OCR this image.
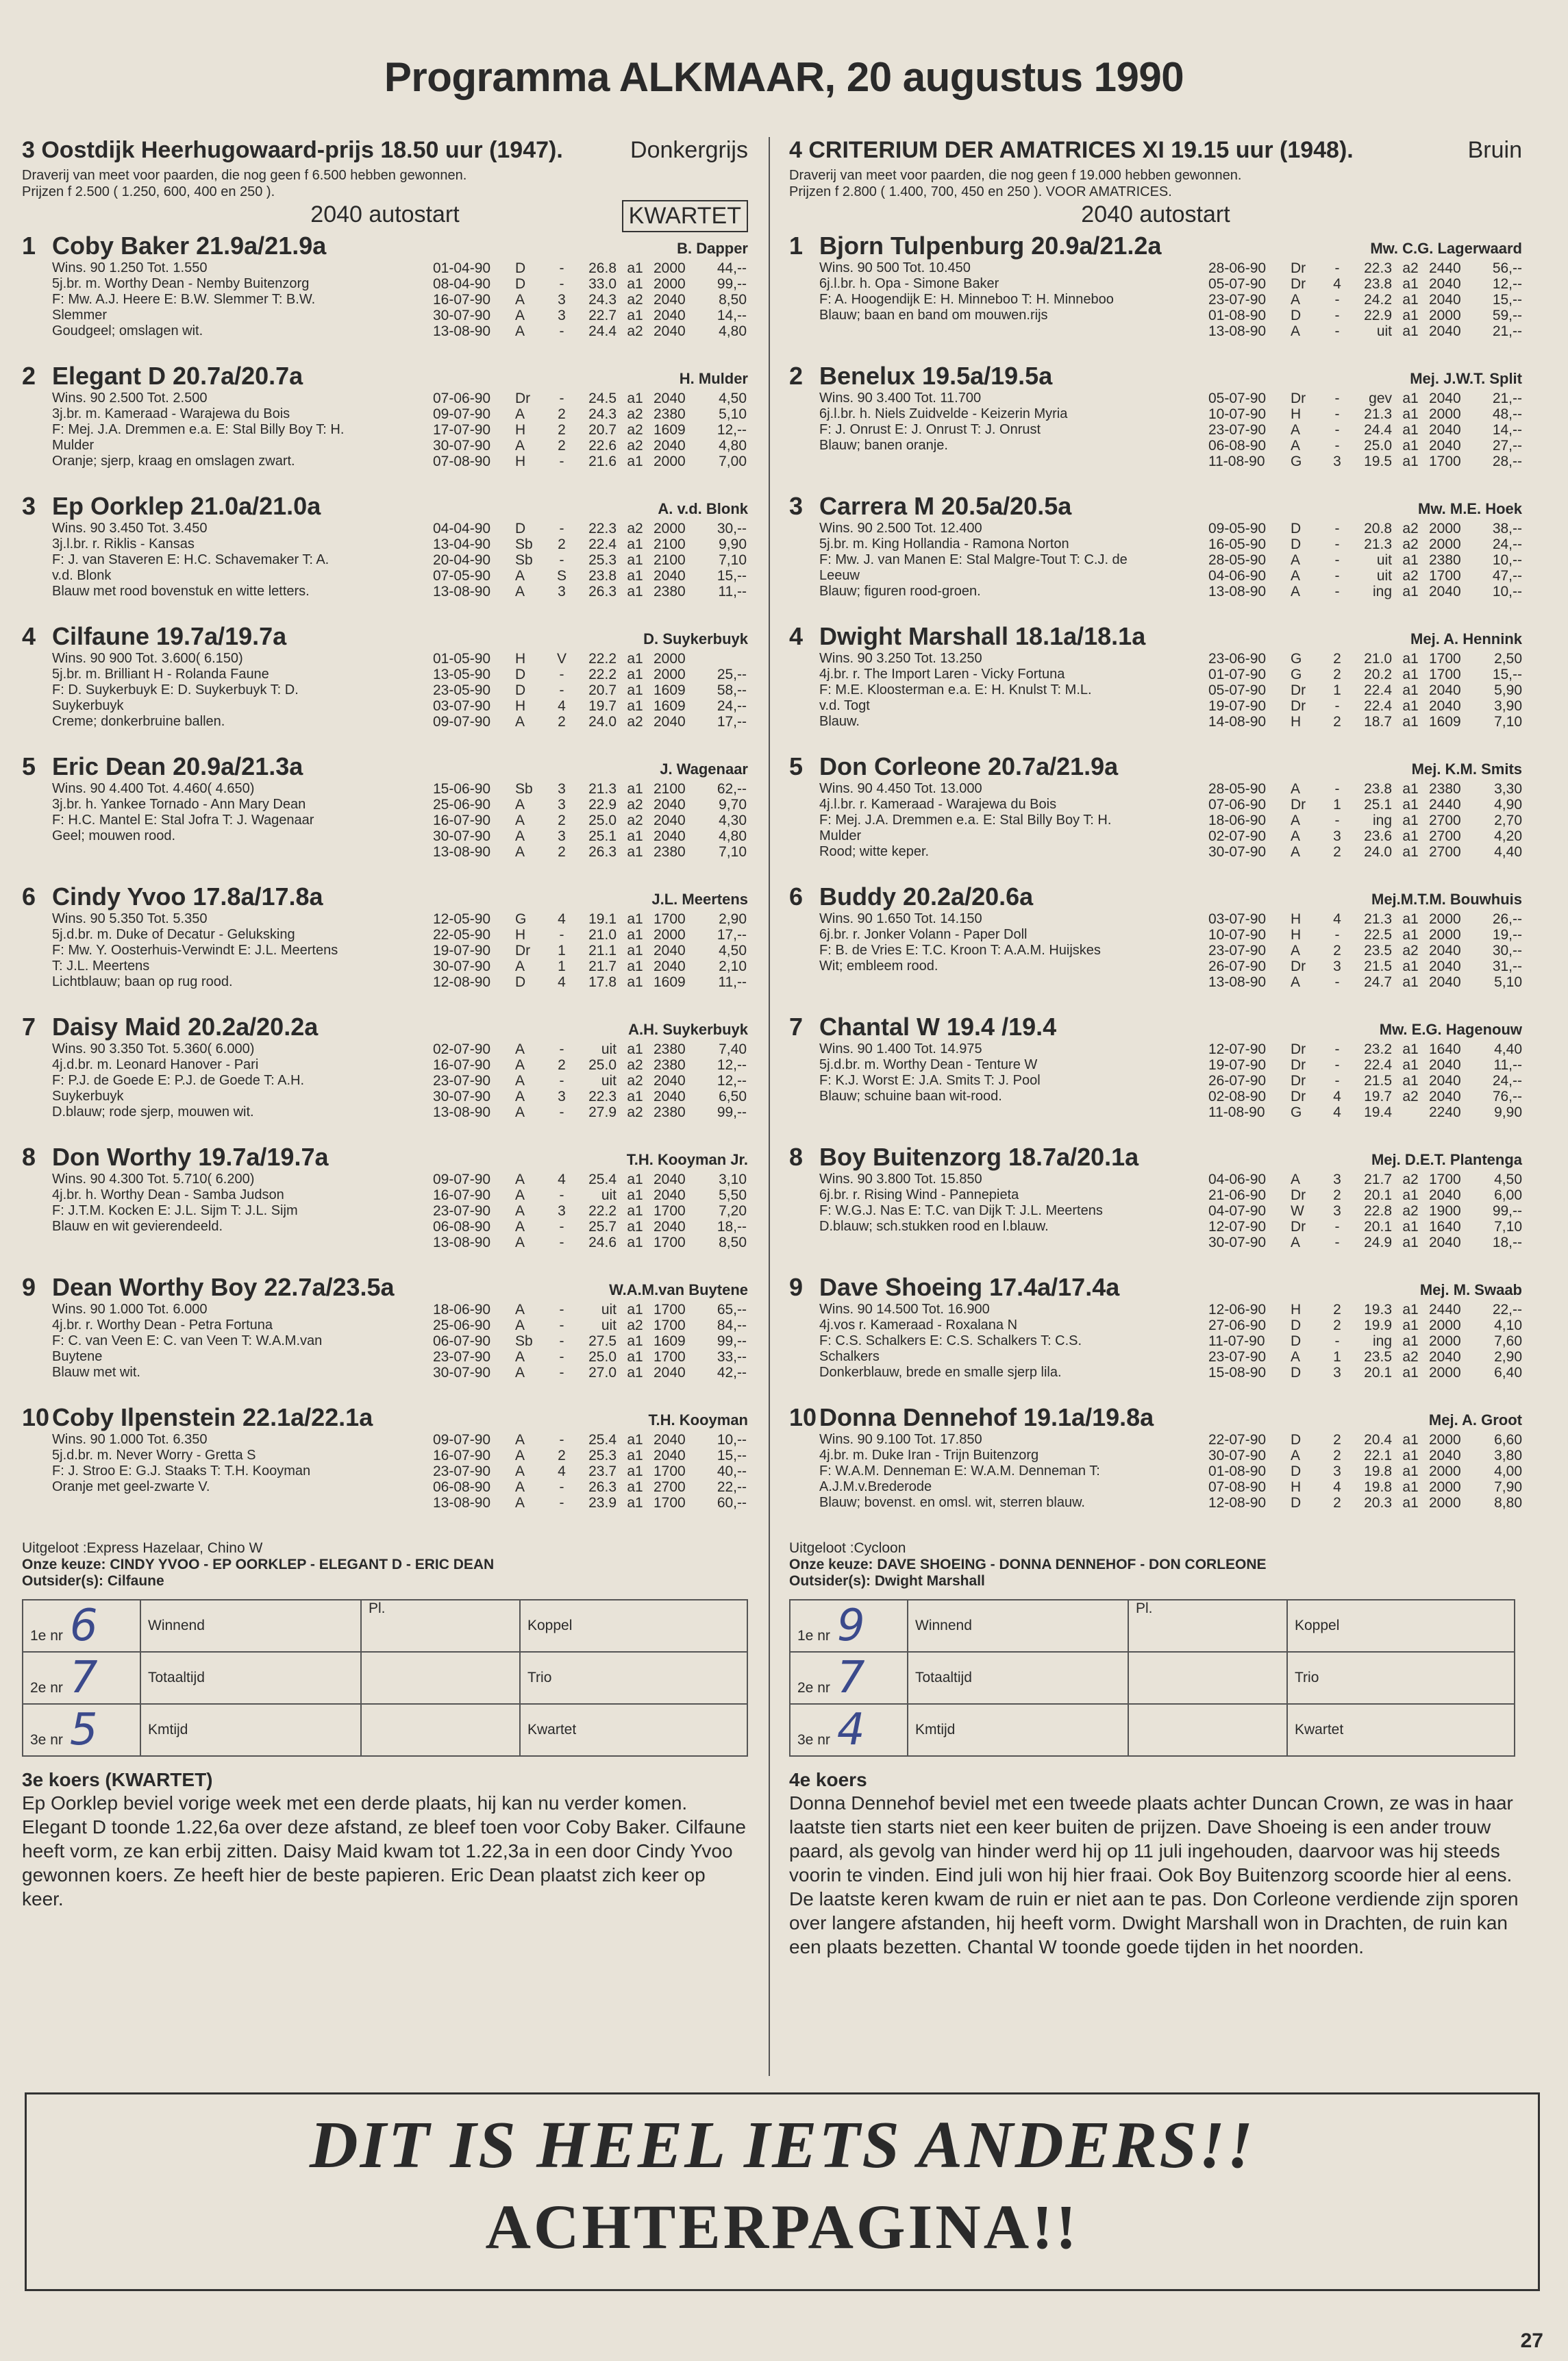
Programma ALKMAAR, 20 augustus 1990
3 Oostdijk Heerhugowaard-prijs 18.50 uur (1947).	Donkergrijs
Draverij van meet voor paarden, die nog geen f 6.500 hebben gewonnen.
Prijzen f 2.500 ( 1.250, 600, 400 en 250 ).
2040 autostart	KWARTET
1 Coby Baker 21.9a/21.9a	B. Dapper
Wins. 90 1.250 Tot. 1.550
5j.br. m. Worthy Dean - Nemby Buitenzorg
F: Mw. A.J. Heere E: B.W. Slemmer T: B.W.
Slemmer
Goudgeel; omslagen wit.
01-04-90	D	-	26.8 a1 2000	44,--
08-04-90	D	-	33.0 a1 2000	99,--
16-07-90	A	3	24.3 a2 2040	8,50
30-07-90	A	3	22.7 a1 2040	14,--
13-08-90	A	-	24.4 a2 2040	4,80
2 Elegant D 20.7a/20.7a	H. Mulder
Wins. 90 2.500 Tot. 2.500
3j.br. m. Kameraad - Warajewa du Bois
F: Mej. J.A. Dremmen e.a. E: Stal Billy Boy T: H.
Mulder
Oranje; sjerp, kraag en omslagen zwart.
07-06-90	Dr	-	24.5 a1 2040	4,50
09-07-90	A	2	24.3 a2 2380	5,10
17-07-90	H	2	20.7 a2 1609	12,--
30-07-90	A	2	22.6 a2 2040	4,80
07-08-90	H	-	21.6 a1 2000	7,00
3 Ep Oorklep 21.0a/21.0a	A. v.d. Blonk
Wins. 90 3.450 Tot. 3.450
3j.l.br. r. Riklis - Kansas
F: J. van Staveren E: H.C. Schavemaker T: A.
v.d. Blonk
Blauw met rood bovenstuk en witte letters.
04-04-90	D	-	22.3 a2 2000	30,--
13-04-90	Sb	2	22.4 a1 2100	9,90
20-04-90	Sb	-	25.3 a1 2100	7,10
07-05-90	A	S	23.8 a1 2040	15,--
13-08-90	A	3	26.3 a1 2380	11,--
4 Cilfaune 19.7a/19.7a	D. Suykerbuyk
Wins. 90 900 Tot. 3.600( 6.150)
5j.br. m. Brilliant H - Rolanda Faune
F: D. Suykerbuyk E: D. Suykerbuyk T: D.
Suykerbuyk
Creme; donkerbruine ballen.
01-05-90	H	V	22.2 a1 2000
13-05-90	D	-	22.2 a1 2000	25,--
23-05-90	D	-	20.7 a1 1609	58,--
03-07-90	H	4	19.7 a1 1609	24,--
09-07-90	A	2	24.0 a2 2040	17,--
5 Eric Dean 20.9a/21.3a	J. Wagenaar
Wins. 90 4.400 Tot. 4.460( 4.650)
3j.br. h. Yankee Tornado - Ann Mary Dean
F: H.C. Mantel E: Stal Jofra T: J. Wagenaar
Geel; mouwen rood.
15-06-90	Sb	3	21.3 a1 2100	62,--
25-06-90	A	3	22.9 a2 2040	9,70
16-07-90	A	2	25.0 a2 2040	4,30
30-07-90	A	3	25.1 a1 2040	4,80
13-08-90	A	2	26.3 a1 2380	7,10
6 Cindy Yvoo 17.8a/17.8a	J.L. Meertens
Wins. 90 5.350 Tot. 5.350
5j.d.br. m. Duke of Decatur - Geluksking
F: Mw. Y. Oosterhuis-Verwindt E: J.L. Meertens
T: J.L. Meertens
Lichtblauw; baan op rug rood.
12-05-90	G	4	19.1 a1 1700	2,90
22-05-90	H	-	21.0 a1 2000	17,--
19-07-90	Dr	1	21.1 a1 2040	4,50
30-07-90	A	1	21.7 a1 2040	2,10
12-08-90	D	4	17.8 a1 1609	11,--
7 Daisy Maid 20.2a/20.2a	A.H. Suykerbuyk
Wins. 90 3.350 Tot. 5.360( 6.000)
4j.d.br. m. Leonard Hanover - Pari
F: P.J. de Goede E: P.J. de Goede T: A.H.
Suykerbuyk
D.blauw; rode sjerp, mouwen wit.
02-07-90	A	-	uit a1 2380	7,40
16-07-90	A	2	25.0 a2 2380	12,--
23-07-90	A	-	uit a2 2040	12,--
30-07-90	A	3	22.3 a1 2040	6,50
13-08-90	A	-	27.9 a2 2380	99,--
8 Don Worthy 19.7a/19.7a	T.H. Kooyman Jr.
Wins. 90 4.300 Tot. 5.710( 6.200)
4j.br. h. Worthy Dean - Samba Judson
F: J.T.M. Kocken E: J.L. Sijm T: J.L. Sijm
Blauw en wit gevierendeeld.
09-07-90	A	4	25.4 a1 2040	3,10
16-07-90	A	-	uit a1 2040	5,50
23-07-90	A	3	22.2 a1 1700	7,20
06-08-90	A	-	25.7 a1 2040	18,--
13-08-90	A	-	24.6 a1 1700	8,50
9 Dean Worthy Boy 22.7a/23.5a	W.A.M.van Buytene
Wins. 90 1.000 Tot. 6.000
4j.br. r. Worthy Dean - Petra Fortuna
F: C. van Veen E: C. van Veen T: W.A.M.van
Buytene
Blauw met wit.
18-06-90	A	-	uit a1 1700	65,--
25-06-90	A	-	uit a2 1700	84,--
06-07-90	Sb	-	27.5 a1 1609	99,--
23-07-90	A	-	25.0 a1 1700	33,--
30-07-90	A	-	27.0 a1 2040	42,--
10 Coby Ilpenstein 22.1a/22.1a	T.H. Kooyman
Wins. 90 1.000 Tot. 6.350
5j.d.br. m. Never Worry - Gretta S
F: J. Stroo E: G.J. Staaks T: T.H. Kooyman
Oranje met geel-zwarte V.
09-07-90	A	-	25.4 a1 2040	10,--
16-07-90	A	2	25.3 a1 2040	15,--
23-07-90	A	4	23.7 a1 1700	40,--
06-08-90	A	-	26.3 a1 2700	22,--
13-08-90	A	-	23.9 a1 1700	60,--
Uitgeloot :Express Hazelaar, Chino W
Onze keuze: CINDY YVOO - EP OORKLEP - ELEGANT D - ERIC DEAN
Outsider(s): Cilfaune
1e nr 6	Winnend	Pl.	Koppel
2e nr 7	Totaaltijd		Trio
3e nr 5	Kmtijd		Kwartet
3e koers (KWARTET)
Ep Oorklep beviel vorige week met een derde plaats, hij kan nu verder komen. Elegant D toonde 1.22,6a over deze afstand, ze bleef toen voor Coby Baker. Cilfaune heeft vorm, ze kan erbij zitten. Daisy Maid kwam tot 1.22,3a in een door Cindy Yvoo gewonnen koers. Ze heeft hier de beste papieren. Eric Dean plaatst zich keer op keer.
4 CRITERIUM DER AMATRICES XI 19.15 uur (1948).	Bruin
Draverij van meet voor paarden, die nog geen f 19.000 hebben gewonnen.
Prijzen f 2.800 ( 1.400, 700, 450 en 250 ). VOOR AMATRICES.
2040 autostart
1 Bjorn Tulpenburg 20.9a/21.2a	Mw. C.G. Lagerwaard
Wins. 90 500 Tot. 10.450
6j.l.br. h. Opa - Simone Baker
F: A. Hoogendijk E: H. Minneboo T: H. Minneboo
Blauw; baan en band om mouwen.rijs
28-06-90	Dr	-	22.3 a2 2440	56,--
05-07-90	Dr	4	23.8 a1 2040	12,--
23-07-90	A	-	24.2 a1 2040	15,--
01-08-90	D	-	22.9 a1 2000	59,--
13-08-90	A	-	uit a1 2040	21,--
2 Benelux 19.5a/19.5a	Mej. J.W.T. Split
Wins. 90 3.400 Tot. 11.700
6j.l.br. h. Niels Zuidvelde - Keizerin Myria
F: J. Onrust E: J. Onrust T: J. Onrust
Blauw; banen oranje.
05-07-90	Dr	-	gev a1 2040	21,--
10-07-90	H	-	21.3 a1 2000	48,--
23-07-90	A	-	24.4 a1 2040	14,--
06-08-90	A	-	25.0 a1 2040	27,--
11-08-90	G	3	19.5 a1 1700	28,--
3 Carrera M 20.5a/20.5a	Mw. M.E. Hoek
Wins. 90 2.500 Tot. 12.400
5j.br. m. King Hollandia - Ramona Norton
F: Mw. J. van Manen E: Stal Malgre-Tout T: C.J. de
Leeuw
Blauw; figuren rood-groen.
09-05-90	D	-	20.8 a2 2000	38,--
16-05-90	D	-	21.3 a2 2000	24,--
28-05-90	A	-	uit a1 2380	10,--
04-06-90	A	-	uit a2 1700	47,--
13-08-90	A	-	ing a1 2040	10,--
4 Dwight Marshall 18.1a/18.1a	Mej. A. Hennink
Wins. 90 3.250 Tot. 13.250
4j.br. r. The Import Laren - Vicky Fortuna
F: M.E. Kloosterman e.a. E: H. Knulst T: M.L.
v.d. Togt
Blauw.
23-06-90	G	2	21.0 a1 1700	2,50
01-07-90	G	2	20.2 a1 1700	15,--
05-07-90	Dr	1	22.4 a1 2040	5,90
19-07-90	Dr	-	22.4 a1 2040	3,90
14-08-90	H	2	18.7 a1 1609	7,10
5 Don Corleone 20.7a/21.9a	Mej. K.M. Smits
Wins. 90 4.450 Tot. 13.000
4j.l.br. r. Kameraad - Warajewa du Bois
F: Mej. J.A. Dremmen e.a. E: Stal Billy Boy T: H.
Mulder
Rood; witte keper.
28-05-90	A	-	23.8 a1 2380	3,30
07-06-90	Dr	1	25.1 a1 2440	4,90
18-06-90	A	-	ing a1 2700	2,70
02-07-90	A	3	23.6 a1 2700	4,20
30-07-90	A	2	24.0 a1 2700	4,40
6 Buddy 20.2a/20.6a	Mej.M.T.M. Bouwhuis
Wins. 90 1.650 Tot. 14.150
6j.br. r. Jonker Volann - Paper Doll
F: B. de Vries E: T.C. Kroon T: A.A.M. Huijskes
Wit; embleem rood.
03-07-90	H	4	21.3 a1 2000	26,--
10-07-90	H	-	22.5 a1 2000	19,--
23-07-90	A	2	23.5 a2 2040	30,--
26-07-90	Dr	3	21.5 a1 2040	31,--
13-08-90	A	-	24.7 a1 2040	5,10
7 Chantal W 19.4 /19.4	Mw. E.G. Hagenouw
Wins. 90 1.400 Tot. 14.975
5j.d.br. m. Worthy Dean - Tenture W
F: K.J. Worst E: J.A. Smits T: J. Pool
Blauw; schuine baan wit-rood.
12-07-90	Dr	-	23.2 a1 1640	4,40
19-07-90	Dr	-	22.4 a1 2040	11,--
26-07-90	Dr	-	21.5 a1 2040	24,--
02-08-90	Dr	4	19.7 a2 2040	76,--
11-08-90	G	4	19.4	2240	9,90
8 Boy Buitenzorg 18.7a/20.1a	Mej. D.E.T. Plantenga
Wins. 90 3.800 Tot. 15.850
6j.br. r. Rising Wind - Pannepieta
F: W.G.J. Nas E: T.C. van Dijk T: J.L. Meertens
D.blauw; sch.stukken rood en l.blauw.
04-06-90	A	3	21.7 a2 1700	4,50
21-06-90	Dr	2	20.1 a1 2040	6,00
04-07-90	W	3	22.8 a2 1900	99,--
12-07-90	Dr	-	20.1 a1 1640	7,10
30-07-90	A	-	24.9 a1 2040	18,--
9 Dave Shoeing 17.4a/17.4a	Mej. M. Swaab
Wins. 90 14.500 Tot. 16.900
4j.vos r. Kameraad - Roxalana N
F: C.S. Schalkers E: C.S. Schalkers T: C.S.
Schalkers
Donkerblauw, brede en smalle sjerp lila.
12-06-90	H	2	19.3 a1 2440	22,--
27-06-90	D	2	19.9 a1 2000	4,10
11-07-90	D	-	ing a1 2000	7,60
23-07-90	A	1	23.5 a2 2040	2,90
15-08-90	D	3	20.1 a1 2000	6,40
10 Donna Dennehof 19.1a/19.8a	Mej. A. Groot
Wins. 90 9.100 Tot. 17.850
4j.br. m. Duke Iran - Trijn Buitenzorg
F: W.A.M. Denneman E: W.A.M. Denneman T:
A.J.M.v.Brederode
Blauw; bovenst. en omsl. wit, sterren blauw.
22-07-90	D	2	20.4 a1 2000	6,60
30-07-90	A	2	22.1 a1 2040	3,80
01-08-90	D	3	19.8 a1 2000	4,00
07-08-90	H	4	19.8 a1 2000	7,90
12-08-90	D	2	20.3 a1 2000	8,80
Uitgeloot :Cycloon
Onze keuze: DAVE SHOEING - DONNA DENNEHOF - DON CORLEONE
Outsider(s): Dwight Marshall
1e nr 9	Winnend	Pl.	Koppel
2e nr 7	Totaaltijd		Trio
3e nr 4	Kmtijd		Kwartet
4e koers
Donna Dennehof beviel met een tweede plaats achter Duncan Crown, ze was in haar laatste tien starts niet een keer buiten de prijzen. Dave Shoeing is een ander trouw paard, als gevolg van hinder werd hij op 11 juli ingehouden, daarvoor was hij steeds voorin te vinden. Eind juli won hij hier fraai. Ook Boy Buitenzorg scoorde hier al eens. De laatste keren kwam de ruin er niet aan te pas. Don Corleone verdiende zijn sporen over langere afstanden, hij heeft vorm. Dwight Marshall won in Drachten, de ruin kan een plaats bezetten. Chantal W toonde goede tijden in het noorden.
DIT IS HEEL IETS ANDERS!!
ACHTERPAGINA!!
27
